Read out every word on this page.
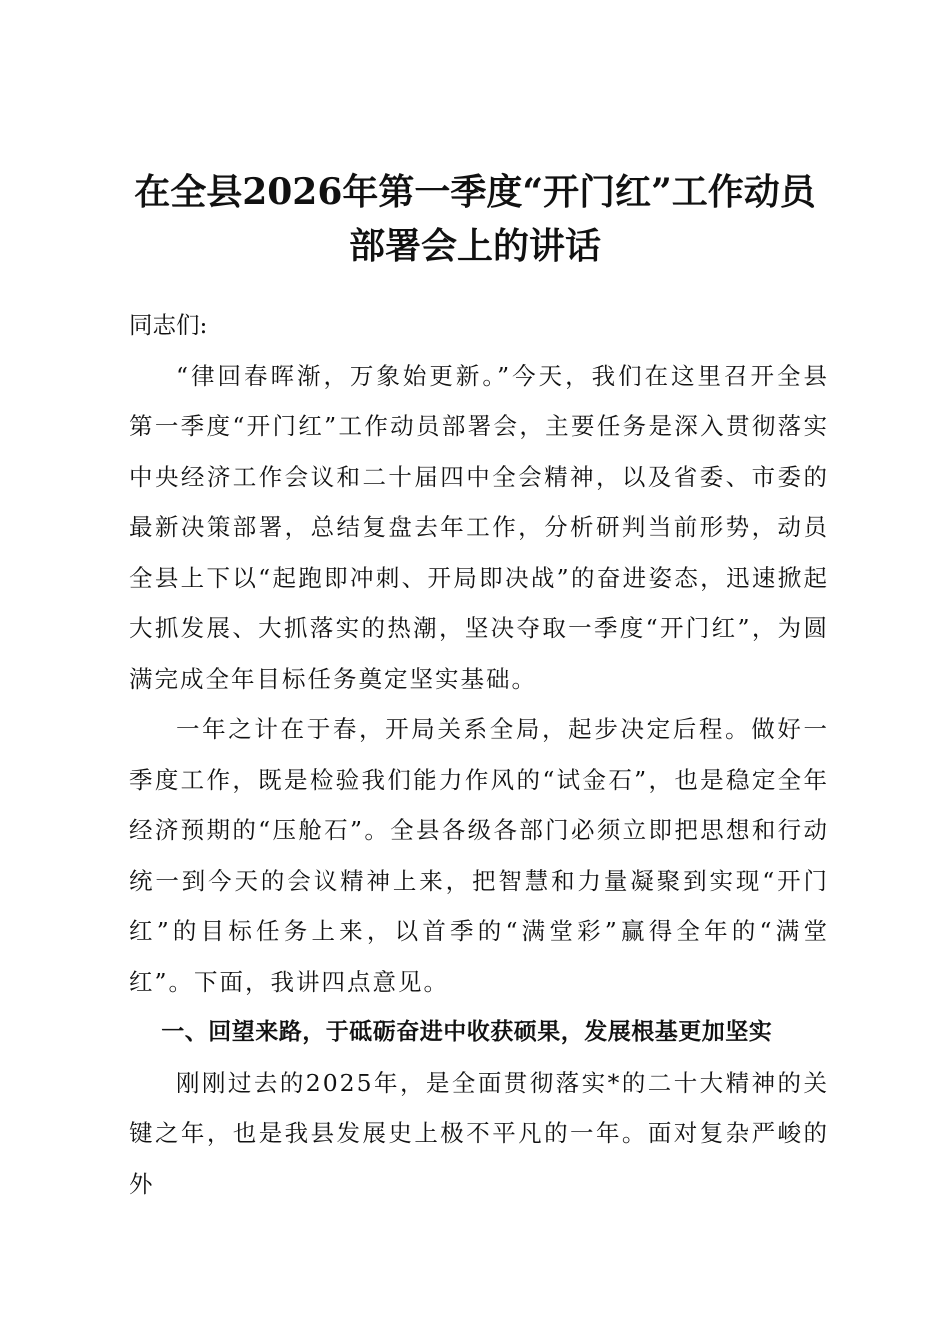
在全县2026年第一季度“开门红”工作动员
部署会上的讲话

同志们:

“律回春晖渐，万象始更新。”今天，我们在这里召开全县第一季度“开门红”工作动员部署会，主要任务是深入贯彻落实中央经济工作会议和二十届四中全会精神，以及省委、市委的最新决策部署，总结复盘去年工作，分析研判当前形势，动员全县上下以“起跑即冲刺、开局即决战”的奋进姿态，迅速掀起大抓发展、大抓落实的热潮，坚决夺取一季度“开门红”，为圆满完成全年目标任务奠定坚实基础。

一年之计在于春，开局关系全局，起步决定后程。做好一季度工作，既是检验我们能力作风的“试金石”，也是稳定全年经济预期的“压舱石”。全县各级各部门必须立即把思想和行动统一到今天的会议精神上来，把智慧和力量凝聚到实现“开门红”的目标任务上来，以首季的“满堂彩”赢得全年的“满堂红”。下面，我讲四点意见。

一、回望来路，于砥砺奋进中收获硕果，发展根基更加坚实

刚刚过去的2025年，是全面贯彻落实*的二十大精神的关键之年，也是我县发展史上极不平凡的一年。面对复杂严峻的外
